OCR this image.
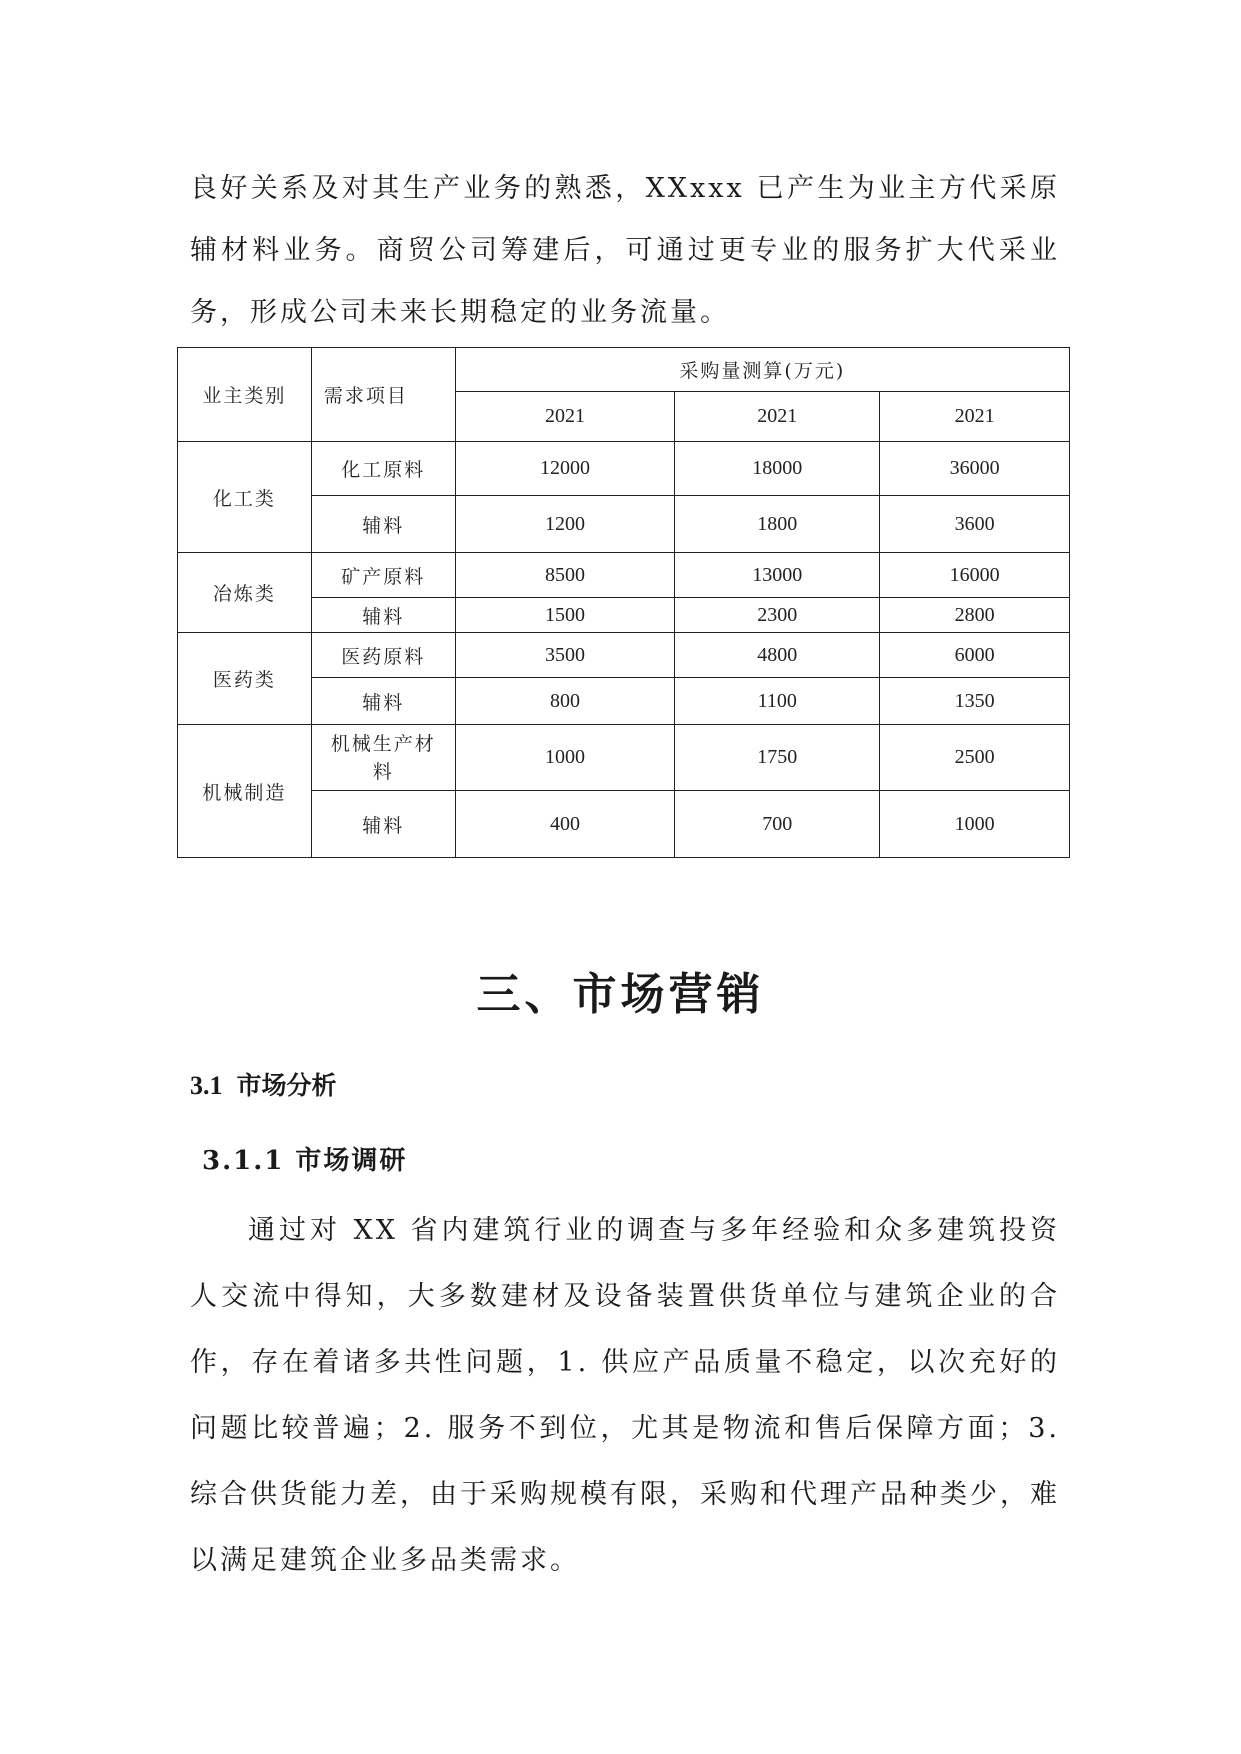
良好关系及对其生产业务的熟悉，XXxxx 已产生为业主方代采原辅材料业务。商贸公司筹建后，可通过更专业的服务扩大代采业务，形成公司未来长期稳定的业务流量。

业主类别	需求项目	采购量测算(万元)		
		2021	2021	2021
化工类	化工原料	12000	18000	36000
	辅料	1200	1800	3600
冶炼类	矿产原料	8500	13000	16000
	辅料	1500	2300	2800
医药类	医药原料	3500	4800	6000
	辅料	800	1100	1350
机械制造	机械生产材料	1000	1750	2500
	辅料	400	700	1000
三、市场营销
3.1 市场分析
3.1.1 市场调研

通过对 XX 省内建筑行业的调查与多年经验和众多建筑投资人交流中得知，大多数建材及设备装置供货单位与建筑企业的合作，存在着诸多共性问题，1. 供应产品质量不稳定，以次充好的问题比较普遍；2. 服务不到位，尤其是物流和售后保障方面；3. 综合供货能力差，由于采购规模有限，采购和代理产品种类少，难以满足建筑企业多品类需求。
